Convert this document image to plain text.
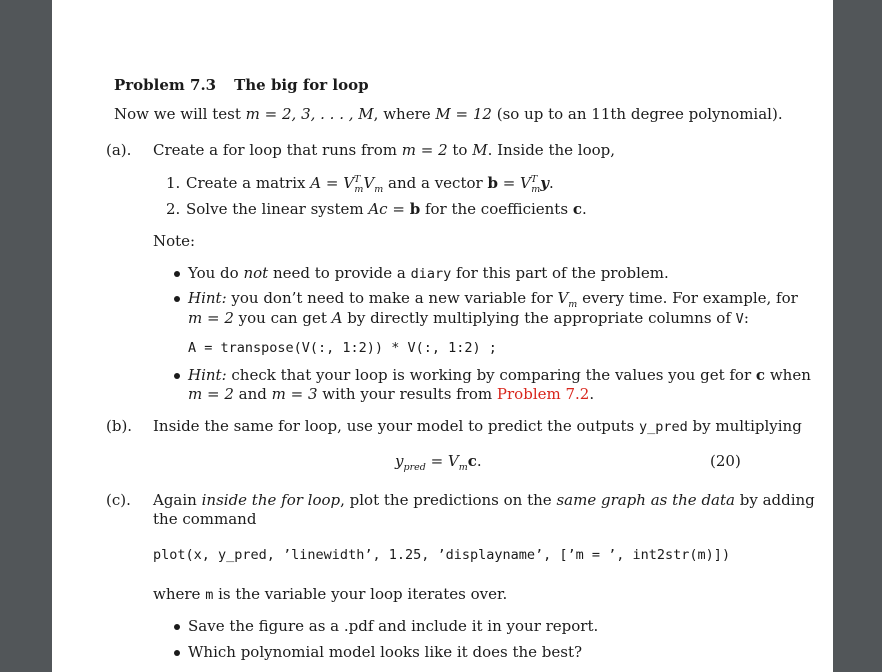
Problem 7.3 The big for loop
Now we will test m = 2, 3, . . . , M, where M = 12 (so up to an 11th degree polynomial).
(a). Create a for loop that runs from m = 2 to M. Inside the loop,
1. Create a matrix $A = V^T_mV_m$ and a vector $b = V^T_my$.
2. Solve the linear system Ac = b for the coefficients c.
Note:
You do not need to provide a diary for this part of the problem.
Hint: you don’t need to make a new variable for $V_m$ every time. For example, for
m = 2 you can get A by directly multiplying the appropriate columns of V:
A = transpose(V(:, 1:2)) * V(:, 1:2) ;
Hint: check that your loop is working by comparing the values you get for c when
m = 2 and m = 3 with your results from Problem 7.2.
(b). Inside the same for loop, use your model to predict the outputs y_pred by multiplying
$y_{pred} = V_mc$.	(20)
(c). Again inside the for loop, plot the predictions on the same graph as the data by adding
the command
plot(x, y_pred, ’linewidth’, 1.25, ’displayname’, [’m = ’, int2str(m)])
where m is the variable your loop iterates over.
Save the figure as a .pdf and include it in your report.
Which polynomial model looks like it does the best?
